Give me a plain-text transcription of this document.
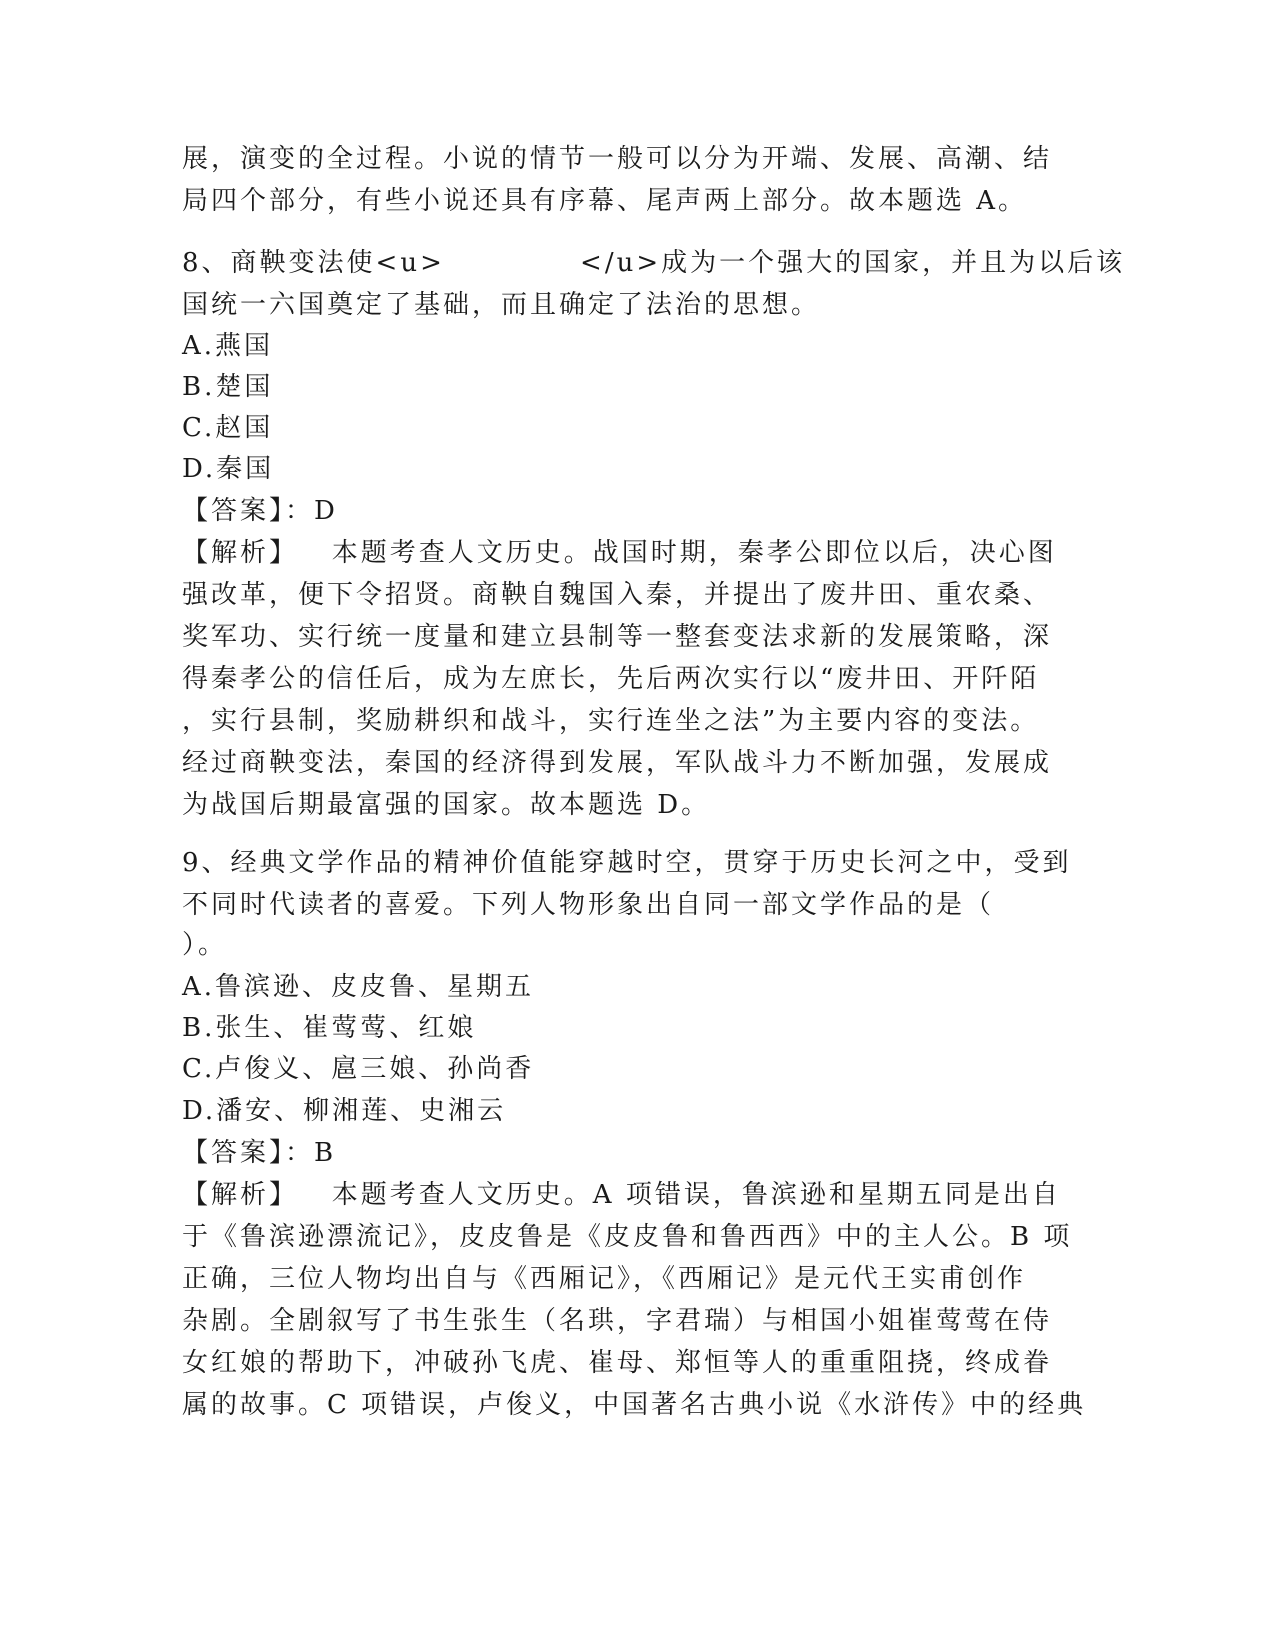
展，演变的全过程。小说的情节一般可以分为开端、发展、高潮、结
局四个部分，有些小说还具有序幕、尾声两上部分。故本题选 A。
8、商鞅变法使<u>            </u>成为一个强大的国家，并且为以后该
国统一六国奠定了基础，而且确定了法治的思想。
A.燕国
B.楚国
C.赵国
D.秦国
【答案】：D
【解析】   本题考查人文历史。战国时期，秦孝公即位以后，决心图
强改革，便下令招贤。商鞅自魏国入秦，并提出了废井田、重农桑、
奖军功、实行统一度量和建立县制等一整套变法求新的发展策略，深
得秦孝公的信任后，成为左庶长，先后两次实行以“废井田、开阡陌
，实行县制，奖励耕织和战斗，实行连坐之法”为主要内容的变法。
经过商鞅变法，秦国的经济得到发展，军队战斗力不断加强，发展成
为战国后期最富强的国家。故本题选 D。
9、经典文学作品的精神价值能穿越时空，贯穿于历史长河之中，受到
不同时代读者的喜爱。下列人物形象出自同一部文学作品的是（
）。
A.鲁滨逊、皮皮鲁、星期五
B.张生、崔莺莺、红娘
C.卢俊义、扈三娘、孙尚香
D.潘安、柳湘莲、史湘云
【答案】：B
【解析】   本题考查人文历史。A 项错误，鲁滨逊和星期五同是出自
于《鲁滨逊漂流记》，皮皮鲁是《皮皮鲁和鲁西西》中的主人公。B 项
正确，三位人物均出自与《西厢记》，《西厢记》是元代王实甫创作
杂剧。全剧叙写了书生张生（名珙，字君瑞）与相国小姐崔莺莺在侍
女红娘的帮助下，冲破孙飞虎、崔母、郑恒等人的重重阻挠，终成眷
属的故事。C 项错误，卢俊义，中国著名古典小说《水浒传》中的经典
